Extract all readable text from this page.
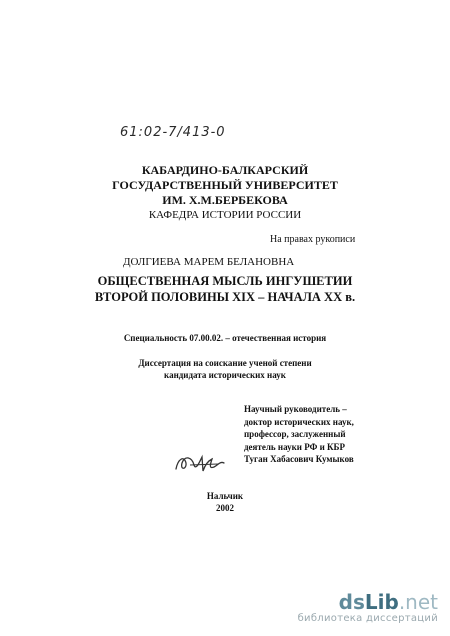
61:02-7/413-0
КАБАРДИНО-БАЛКАРСКИЙ
ГОСУДАРСТВЕННЫЙ УНИВЕРСИТЕТ
ИМ. Х.М.БЕРБЕКОВА
КАФЕДРА ИСТОРИИ РОССИИ
На правах рукописи
ДОЛГИЕВА МАРЕМ БЕЛАНОВНА
ОБЩЕСТВЕННАЯ МЫСЛЬ ИНГУШЕТИИ
ВТОРОЙ ПОЛОВИНЫ XIX – НАЧАЛА XX в.
Специальность 07.00.02. – отечественная история
Диссертация на соискание ученой степени
кандидата исторических наук
Научный руководитель –
доктор исторических наук,
профессор, заслуженный
деятель науки РФ и КБР
Туган Хабасович Кумыков
Нальчик
2002
dsLib.net
библиотека диссертаций
